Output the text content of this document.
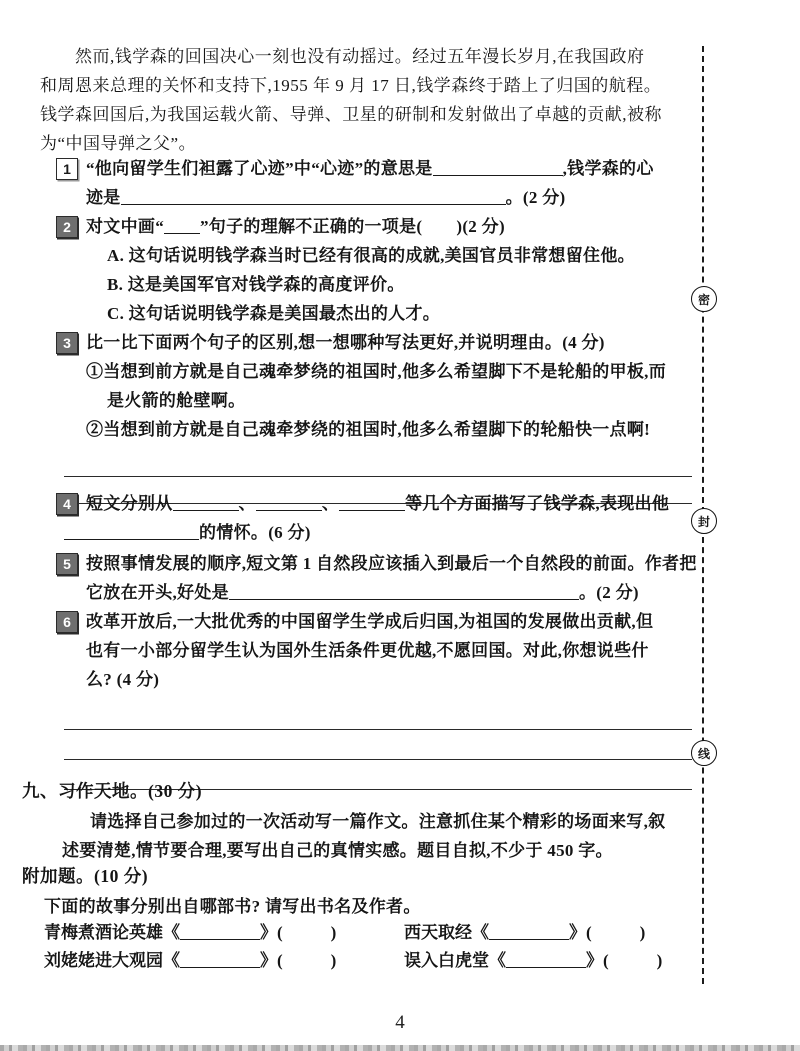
然而,钱学森的回国决心一刻也没有动摇过。经过五年漫长岁月,在我国政府
和周恩来总理的关怀和支持下,1955 年 9 月 17 日,钱学森终于踏上了归国的航程。
钱学森回国后,为我国运载火箭、导弹、卫星的研制和发射做出了卓越的贡献,被称
为“中国导弹之父”。
1 “他向留学生们袒露了心迹”中“心迹”的意思是	,钱学森的心
迹是	。(2 分)
2 对文中画“ ”句子的理解不正确的一项是( )(2 分)
A. 这句话说明钱学森当时已经有很高的成就,美国官员非常想留住他。
B. 这是美国军官对钱学森的高度评价。
C. 这句话说明钱学森是美国最杰出的人才。
3 比一比下面两个句子的区别,想一想哪种写法更好,并说明理由。(4 分)
①当想到前方就是自己魂牵梦绕的祖国时,他多么希望脚下不是轮船的甲板,而
是火箭的舱壁啊。
②当想到前方就是自己魂牵梦绕的祖国时,他多么希望脚下的轮船快一点啊!
4 短文分别从	、	、	等几个方面描写了钱学森,表现出他
的情怀。(6 分)
5 按照事情发展的顺序,短文第 1 自然段应该插入到最后一个自然段的前面。作者把
它放在开头,好处是	。(2 分)
6 改革开放后,一大批优秀的中国留学生学成后归国,为祖国的发展做出贡献,但
也有一小部分留学生认为国外生活条件更优越,不愿回国。对此,你想说些什
么? (4 分)
九、习作天地。(30 分)
请选择自己参加过的一次活动写一篇作文。注意抓住某个精彩的场面来写,叙
述要清楚,情节要合理,要写出自己的真情实感。题目自拟,不少于 450 字。
附加题。(10 分)
下面的故事分别出自哪部书? 请写出书名及作者。
青梅煮酒论英雄《	》(	)	西天取经《	》(	)
刘姥姥进大观园《	》(	)	误入白虎堂《	》(	)
密
封
线
4
